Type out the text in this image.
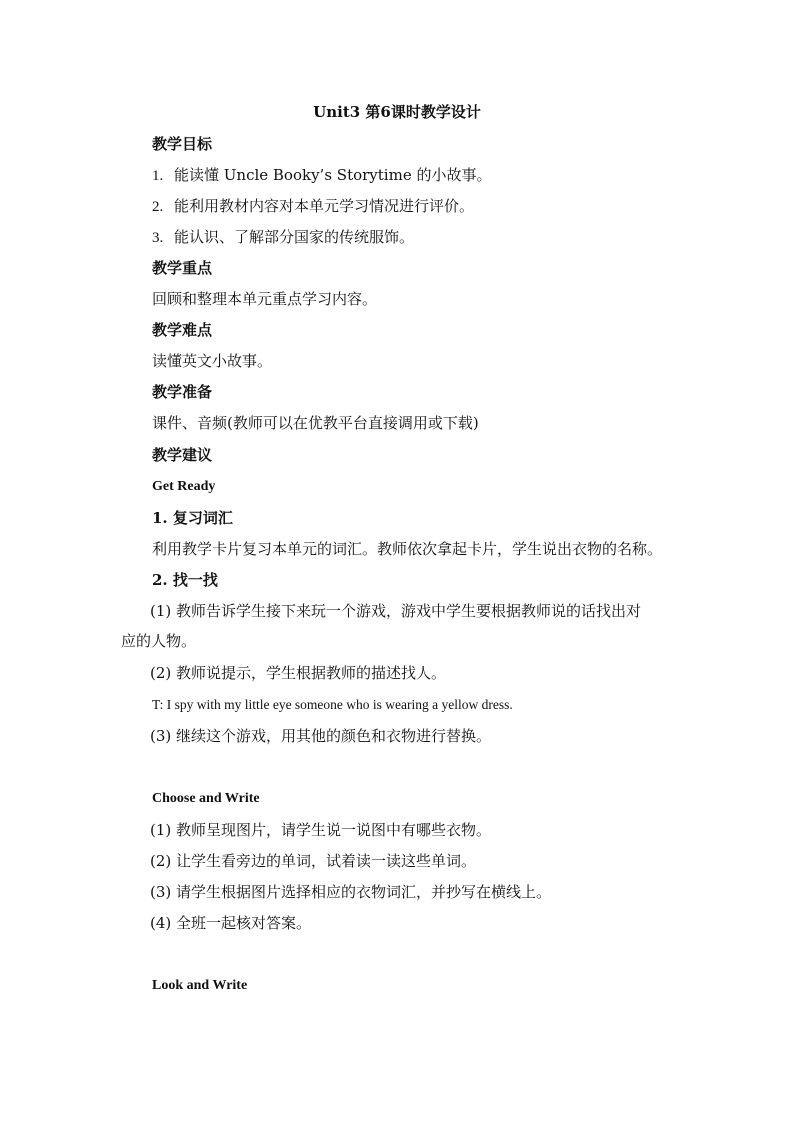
Unit3 第6课时教学设计
教学目标
1. 能读懂 Uncle Booky’s Storytime 的小故事。
2. 能利用教材内容对本单元学习情况进行评价。
3. 能认识、了解部分国家的传统服饰。
教学重点
回顾和整理本单元重点学习内容。
教学难点
读懂英文小故事。
教学准备
课件、音频(教师可以在优教平台直接调用或下载)
教学建议
Get Ready
1. 复习词汇
利用教学卡片复习本单元的词汇。教师依次拿起卡片，学生说出衣物的名称。
2. 找一找
(1) 教师告诉学生接下来玩一个游戏，游戏中学生要根据教师说的话找出对
应的人物。
(2) 教师说提示，学生根据教师的描述找人。
T: I spy with my little eye someone who is wearing a yellow dress.
(3) 继续这个游戏，用其他的颜色和衣物进行替换。
Choose and Write
(1) 教师呈现图片，请学生说一说图中有哪些衣物。
(2) 让学生看旁边的单词，试着读一读这些单词。
(3) 请学生根据图片选择相应的衣物词汇，并抄写在横线上。
(4) 全班一起核对答案。
Look and Write
